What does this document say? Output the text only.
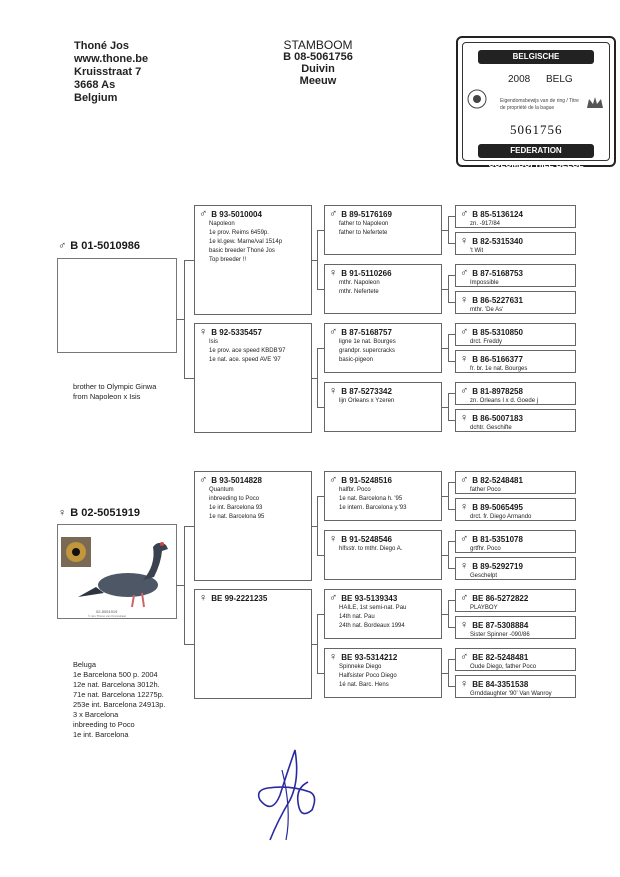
Thoné Jos
www.thone.be
Kruisstraat 7
3668 As
Belgium
STAMBOOM
B 08-5061756
Duivin
Meeuw
BELGISCHE DUIVENLIEFHEBBERSBOND
2008 BELG
Eigendomsbewijs van de ring / Titre de propriété de la bague
5061756
FEDERATION COLOMBOPHILE BELGE
♂ B 01-5010986
brother to Olympic Ginwa
from Napoleon x Isis
♀ B 02-5051919
02-5051919
© Jos Thoné van Kruisstraat
Beluga
1e Barcelona 500 p. 2004
12e nat. Barcelona 3012h.
71e nat. Barcelona 12275p.
253e int. Barcelona 24913p.
3 x Barcelona
inbreeding to Poco
1e int. Barcelona
♂ B 93-5010004
Napoleon
1e prov. Reims 6459p.
1e kl.gew. Marne/val 1514p
basic breeder Thoné Jos
Top breeder !!
♀ B 92-5335457
Isis
1e prov. ace speed KBDB'97
1e nat. ace. speed AVE '97
♂ B 93-5014828
Quantum
inbreeding to Poco
1e int. Barcelona 93
1e nat. Barcelona 95
♀ BE 99-2221235
♂ B 89-5176169
father to Napoleon
father to Nefertete
♀ B 91-5110266
mthr. Napoleon
mthr. Nefertete
♂ B 87-5168757
ligne 1e nat. Bourges
grandpr. supercracks
basic-pigeon
♀ B 87-5273342
lijn Orleans x Yzeren
♂ B 91-5248516
halfbr. Poco
1e nat. Barcelona h. '95
1e intern. Barcelona y.'93
♀ B 91-5248546
hlfsstr. to mthr. Diego A.
♂ BE 93-5139343
HAILE, 1st semi-nat. Pau
14th nat. Pau
24th nat. Bordeaux 1994
♀ BE 93-5314212
Spinneke Diego
Halfsister Poco Diego
1é nat. Barc. Hens
♂ B 85-5136124
zn. -917/84
♀ B 82-5315340
't Wit
♂ B 87-5168753
Impossible
♀ B 86-5227631
mthr. 'De As'
♂ B 85-5310850
drct. Freddy
♀ B 86-5166377
fr. br. 1e nat. Bourges
♂ B 81-8978258
zn. Orleans I x d. Goede j
♀ B 86-5007183
dchtr. Geschifte
♂ B 82-5248481
father Poco
♀ B 89-5065495
drct. fr. Diego Armando
♂ B 81-5351078
grtfhr. Poco
♀ B 89-5292719
Geschelpt
♂ BE 86-5272822
PLAYBOY
♀ BE 87-5308884
Sister Spinner -090/86
♂ BE 82-5248481
Oude Diego, father Poco
♀ BE 84-3351538
Grnddaughter '90' Van Wanroy
